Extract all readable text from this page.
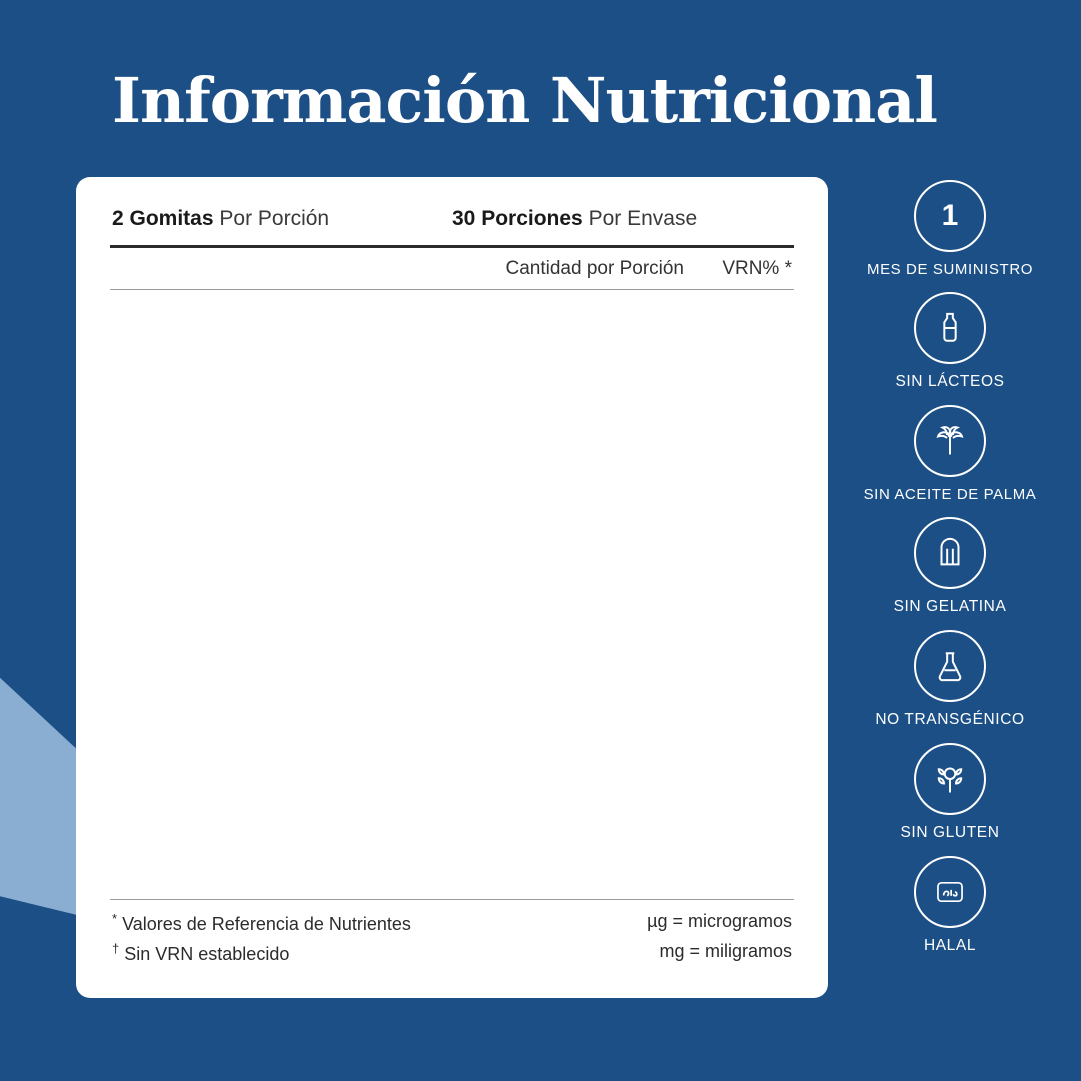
Información Nutricional
2 Gomitas Por Porción	30 Porciones Por Envase
Cantidad por Porción	VRN% *
* Valores de Referencia de Nutrientes	µg = microgramos
† Sin VRN establecido	mg = miligramos
1
MES DE SUMINISTRO
SIN LÁCTEOS
SIN ACEITE DE PALMA
SIN GELATINA
NO TRANSGÉNICO
SIN GLUTEN
HALAL
